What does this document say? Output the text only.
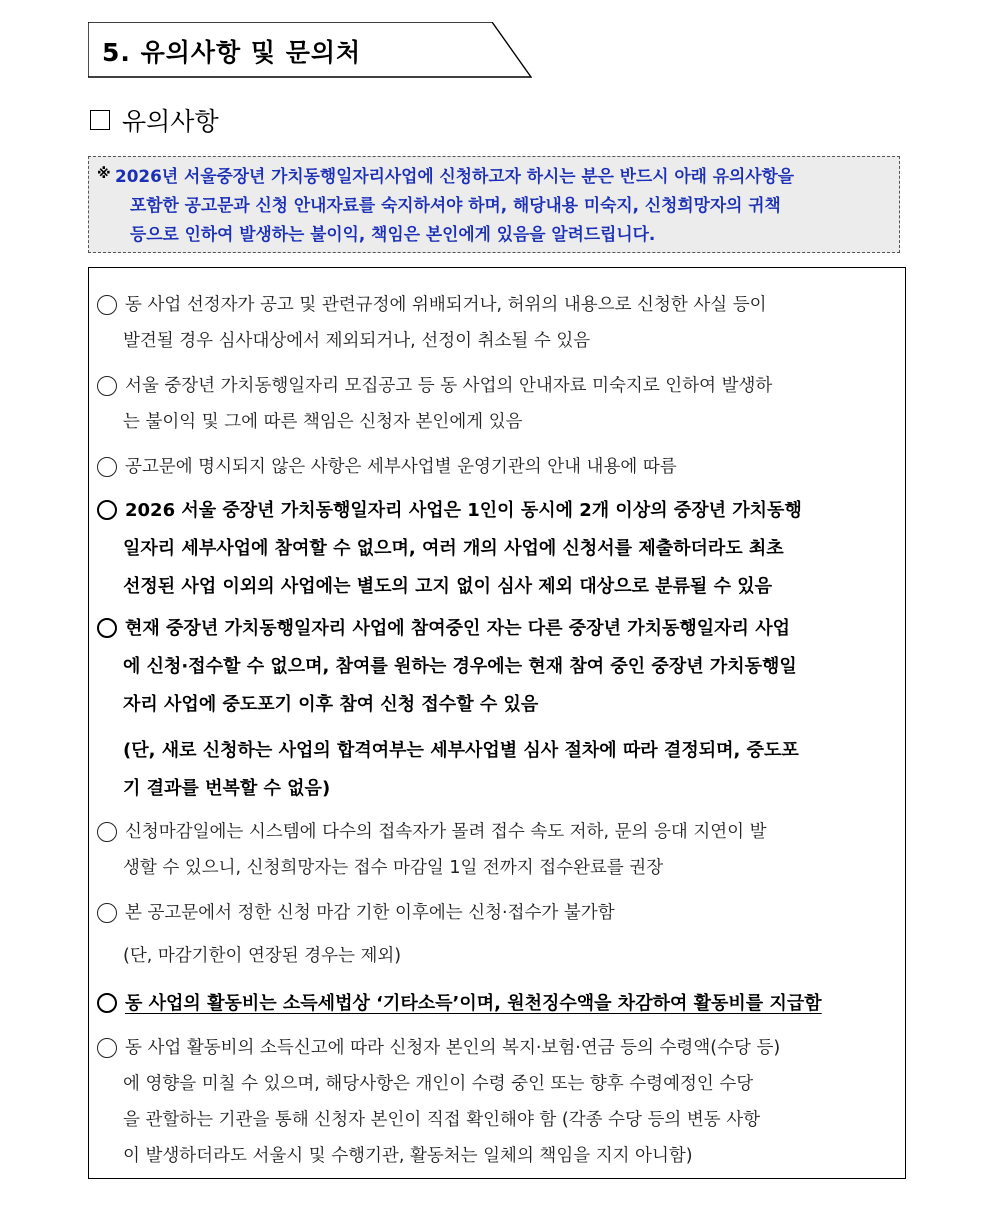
5. 유의사항 및 문의처
유의사항
※ 2026년 서울중장년 가치동행일자리사업에 신청하고자 하시는 분은 반드시 아래 유의사항을

포함한 공고문과 신청 안내자료를 숙지하셔야 하며, 해당내용 미숙지, 신청희망자의 귀책

등으로 인하여 발생하는 불이익, 책임은 본인에게 있음을 알려드립니다.

동 사업 선정자가 공고 및 관련규정에 위배되거나, 허위의 내용으로 신청한 사실 등이
발견될 경우 심사대상에서 제외되거나, 선정이 취소될 수 있음
서울 중장년 가치동행일자리 모집공고 등 동 사업의 안내자료 미숙지로 인하여 발생하
는 불이익 및 그에 따른 책임은 신청자 본인에게 있음
공고문에 명시되지 않은 사항은 세부사업별 운영기관의 안내 내용에 따름
2026 서울 중장년 가치동행일자리 사업은 1인이 동시에 2개 이상의 중장년 가치동행
일자리 세부사업에 참여할 수 없으며, 여러 개의 사업에 신청서를 제출하더라도 최초
선정된 사업 이외의 사업에는 별도의 고지 없이 심사 제외 대상으로 분류될 수 있음
현재 중장년 가치동행일자리 사업에 참여중인 자는 다른 중장년 가치동행일자리 사업
에 신청·접수할 수 없으며, 참여를 원하는 경우에는 현재 참여 중인 중장년 가치동행일
자리 사업에 중도포기 이후 참여 신청 접수할 수 있음
(단, 새로 신청하는 사업의 합격여부는 세부사업별 심사 절차에 따라 결정되며, 중도포
기 결과를 번복할 수 없음)
신청마감일에는 시스템에 다수의 접속자가 몰려 접수 속도 저하, 문의 응대 지연이 발
생할 수 있으니, 신청희망자는 접수 마감일 1일 전까지 접수완료를 권장
본 공고문에서 정한 신청 마감 기한 이후에는 신청·접수가 불가함
(단, 마감기한이 연장된 경우는 제외)
동 사업의 활동비는 소득세법상 ‘기타소득’이며, 원천징수액을 차감하여 활동비를 지급함
동 사업 활동비의 소득신고에 따라 신청자 본인의 복지·보험·연금 등의 수령액(수당 등)
에 영향을 미칠 수 있으며, 해당사항은 개인이 수령 중인 또는 향후 수령예정인 수당
을 관할하는 기관을 통해 신청자 본인이 직접 확인해야 함 (각종 수당 등의 변동 사항
이 발생하더라도 서울시 및 수행기관, 활동처는 일체의 책임을 지지 아니함)
